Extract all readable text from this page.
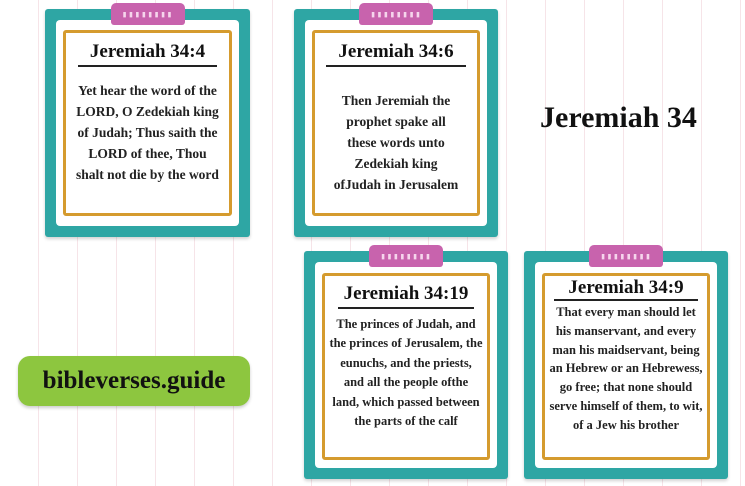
Jeremiah 34:4
Yet hear the word of the LORD, O Zedekiah king of Judah; Thus saith the LORD of thee, Thou shalt not die by the word
▮▮▮▮▮▮▮▮
Jeremiah 34:6
Then Jeremiah the prophet spake all these words unto Zedekiah king ofJudah in Jerusalem
▮▮▮▮▮▮▮▮
Jeremiah 34
Jeremiah 34:19
The princes of Judah, and the princes of Jerusalem, the eunuchs, and the priests, and all the people ofthe land, which passed between the parts of the calf
▮▮▮▮▮▮▮▮
Jeremiah 34:9
That every man should let his manservant, and every man his maidservant, being an Hebrew or an Hebrewess, go free; that none should serve himself of them, to wit, of a Jew his brother
▮▮▮▮▮▮▮▮
bibleverses.guide
